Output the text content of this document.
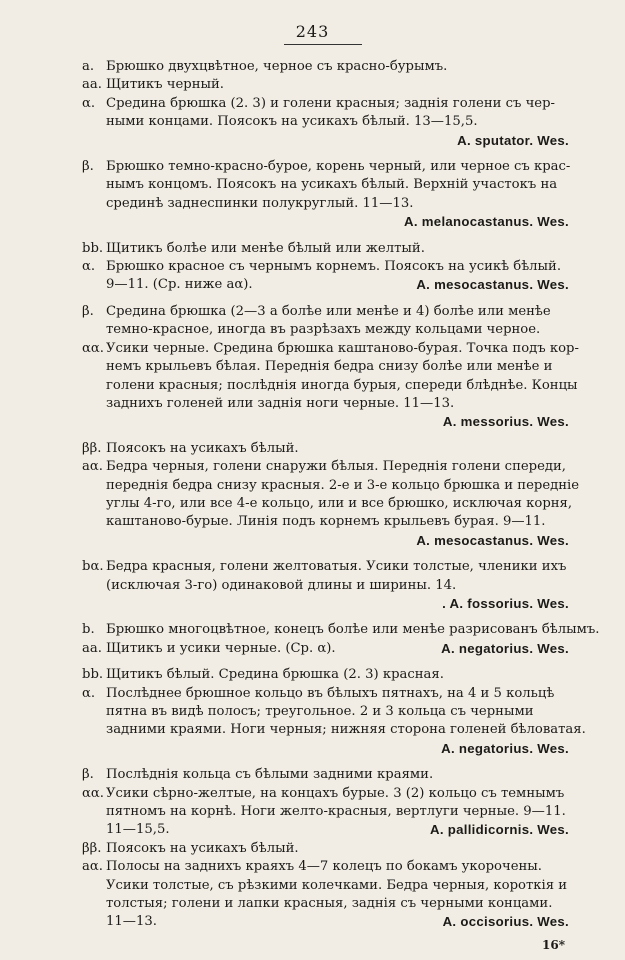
243
a. Брюшко двухцвѣтное, черное съ красно-бурымъ.
aa. Щитикъ черный.
α. Средина брюшка (2. 3) и голени красныя; заднія голени съ чер-
ными концами. Поясокъ на усикахъ бѣлый. 13—15,5.
A. sputator. Wes.
β. Брюшко темно-красно-бурое, корень черный, или черное съ крас-
нымъ концомъ. Поясокъ на усикахъ бѣлый. Верхній участокъ на
срединѣ заднеспинки полукруглый. 11—13.
A. melanocastanus. Wes.
bb. Щитикъ болѣе или менѣе бѣлый или желтый.
α. Брюшко красное съ чернымъ корнемъ. Поясокъ на усикѣ бѣлый.
9—11. (Ср. ниже aα).	A. mesocastanus. Wes.
β. Средина брюшка (2—3 а болѣе или менѣе и 4) болѣе или менѣе
темно-красное, иногда въ разрѣзахъ между кольцами черное.
αα. Усики черные. Средина брюшка каштаново-бурая. Точка подъ кор-
немъ крыльевъ бѣлая. Переднія бедра снизу болѣе или менѣе и
голени красныя; послѣднія иногда бурыя, спереди блѣднѣе. Концы
заднихъ голеней или заднія ноги черные. 11—13.
A. messorius. Wes.
ββ. Поясокъ на усикахъ бѣлый.
aα. Бедра черныя, голени снаружи бѣлыя. Переднія голени спереди,
переднія бедра снизу красныя. 2-е и 3-е кольцо брюшка и передніе
углы 4-го, или все 4-е кольцо, или и все брюшко, исключая корня,
каштаново-бурые. Линія подъ корнемъ крыльевъ бурая. 9—11.
A. mesocastanus. Wes.
bα. Бедра красныя, голени желтоватыя. Усики толстые, членики ихъ
(исключая 3-го) одинаковой длины и ширины. 14.
. A. fossorius. Wes.
b. Брюшко многоцвѣтное, конецъ болѣе или менѣе разрисованъ бѣлымъ.
aa. Щитикъ и усики черные. (Ср. α).	A. negatorius. Wes.
bb. Щитикъ бѣлый. Средина брюшка (2. 3) красная.
α. Послѣднее брюшное кольцо въ бѣлыхъ пятнахъ, на 4 и 5 кольцѣ
пятна въ видѣ полосъ; треугольное. 2 и 3 кольца съ черными
задними краями. Ноги черныя; нижняя сторона голеней бѣловатая.
A. negatorius. Wes.
β. Послѣднія кольца съ бѣлыми задними краями.
αα. Усики сѣрно-желтые, на концахъ бурые. 3 (2) кольцо съ темнымъ
пятномъ на корнѣ. Ноги желто-красныя, вертлуги черные. 9—11.
11—15,5.	A. pallidicornis. Wes.
ββ. Поясокъ на усикахъ бѣлый.
aα. Полосы на заднихъ краяхъ 4—7 колецъ по бокамъ укорочены.
Усики толстые, съ рѣзкими колечками. Бедра черныя, короткія и
толстыя; голени и лапки красныя, заднія съ черными концами.
11—13.	A. occisorius. Wes.
16*
